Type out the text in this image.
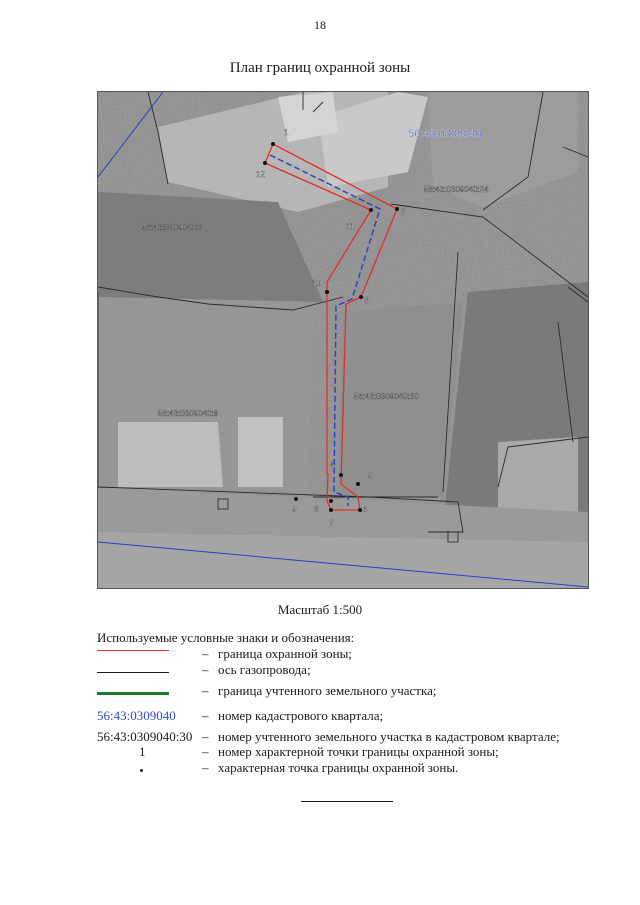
18
План границ охранной зоны
1
2
3
4
5
6
7
8
9
10
11
12
56:43:0309040:24
56:43:0309040:3
56:43:0309040:8
56:43:0309040:30
56:43:0309040
Масштаб 1:500
Используемые условные знаки и обозначения:
– граница охранной зоны;
– ось газопровода;
– граница учтенного земельного участка;
56:43:0309040 – номер кадастрового квартала;
56:43:0309040:30 – номер учтенного земельного участка в кадастровом квартале;
1	– номер характерной точки границы охранной зоны;
– характерная точка границы охранной зоны.
